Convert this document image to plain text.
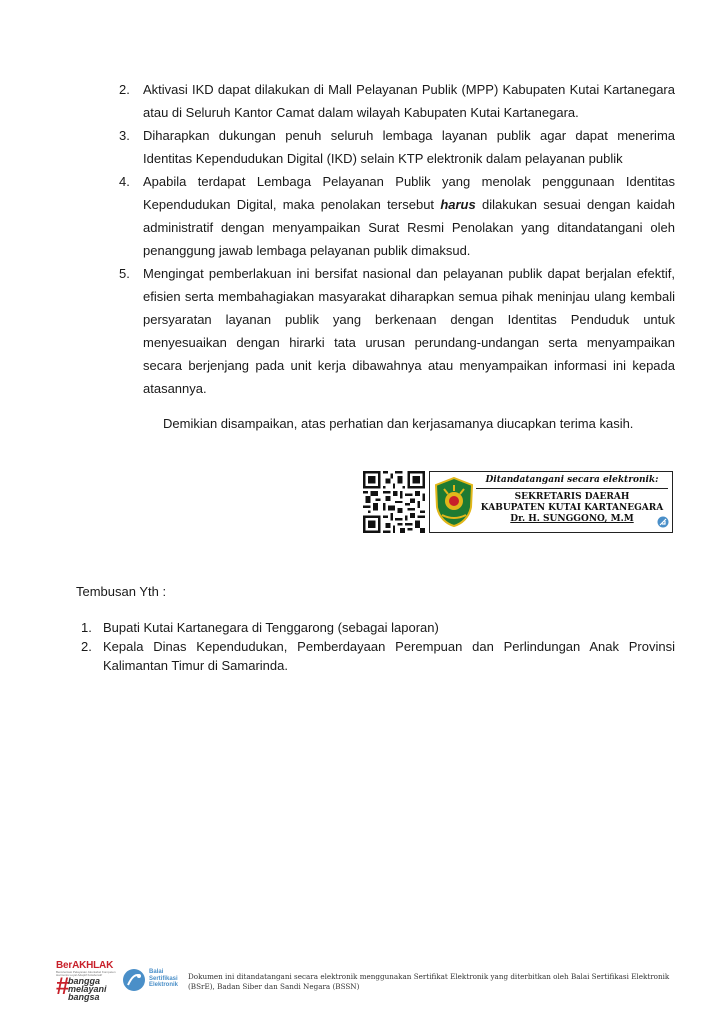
2. Aktivasi IKD dapat dilakukan di Mall Pelayanan Publik (MPP) Kabupaten Kutai Kartanegara atau di Seluruh Kantor Camat dalam wilayah Kabupaten Kutai Kartanegara.
3. Diharapkan dukungan penuh seluruh lembaga layanan publik agar dapat menerima Identitas Kependudukan Digital (IKD) selain KTP elektronik dalam pelayanan publik
4. Apabila terdapat Lembaga Pelayanan Publik yang menolak penggunaan Identitas Kependudukan Digital, maka penolakan tersebut harus dilakukan sesuai dengan kaidah administratif dengan menyampaikan Surat Resmi Penolakan yang ditandatangani oleh penanggung jawab lembaga pelayanan publik dimaksud.
5. Mengingat pemberlakuan ini bersifat nasional dan pelayanan publik dapat berjalan efektif, efisien serta membahagiakan masyarakat diharapkan semua pihak meninjau ulang kembali persyaratan layanan publik yang berkenaan dengan Identitas Penduduk untuk menyesuaikan dengan hirarki tata urusan perundang-undangan serta menyampaikan secara berjenjang pada unit kerja dibawahnya atau menyampaikan informasi ini kepada atasannya.
Demikian disampaikan, atas perhatian dan kerjasamanya diucapkan terima kasih.
Ditandatangani secara elektronik:
SEKRETARIS DAERAH
KABUPATEN KUTAI KARTANEGARA
Dr. H. SUNGGONO, M.M
Tembusan Yth :
1. Bupati Kutai Kartanegara di Tenggarong (sebagai laporan)
2. Kepala Dinas Kependudukan, Pemberdayaan Perempuan dan Perlindungan Anak Provinsi Kalimantan Timur di Samarinda.
BerAKHLAK
Berorientasi Pelayanan Akuntabel Kompeten Harmonis Loyal Adaptif Kolaboratif
#
bangga
melayani
bangsa
Balai
Sertifikasi
Elektronik
Dokumen ini ditandatangani secara elektronik menggunakan Sertifikat Elektronik yang diterbitkan oleh Balai Sertifikasi Elektronik (BSrE), Badan Siber dan Sandi Negara (BSSN)
